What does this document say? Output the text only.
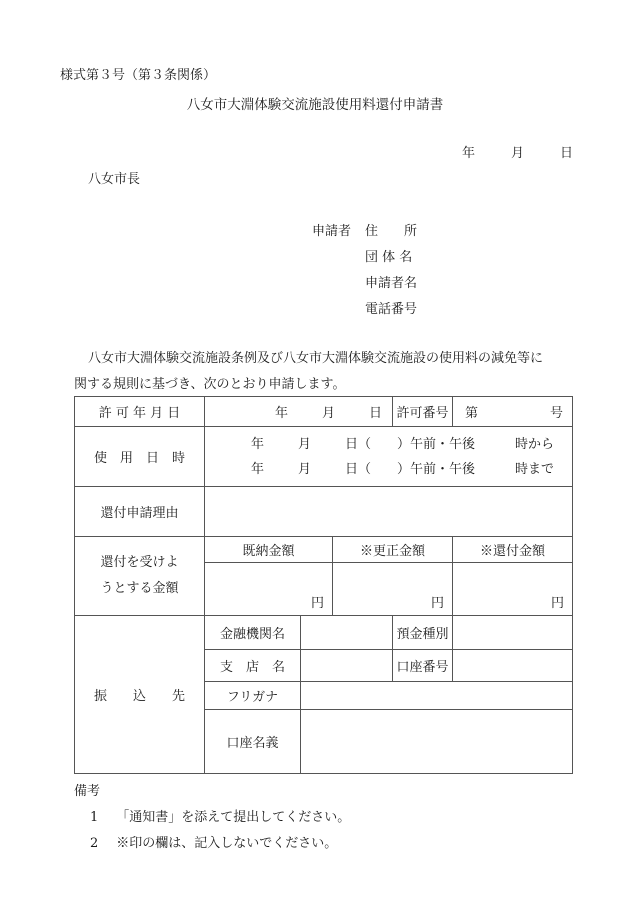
様式第３号（第３条関係）
八女市大淵体験交流施設使用料還付申請書
年	月	日
八女市長
申請者 住　　所
団 体 名
申請者名
電話番号
八女市大淵体験交流施設条例及び八女市大淵体験交流施設の使用料の減免等に
関する規則に基づき、次のとおり申請します。
許 可 年 月 日	年 月 日			許可番号	第 号
使　用　日　時	年 月 日（　　）午前・午後 時から
年 月 日（　　）午前・午後 時まで				

還付申請理由					

還付を受けよ
うとする金額	既納金額		※更正金額		※還付金額
	円		円		円
振　　込　　先	金融機関名			預金種別	
	支　店　名			口座番号	
	フリガナ				
	口座名義				
備考
1 「通知書」を添えて提出してください。
2 ※印の欄は、記入しないでください。
